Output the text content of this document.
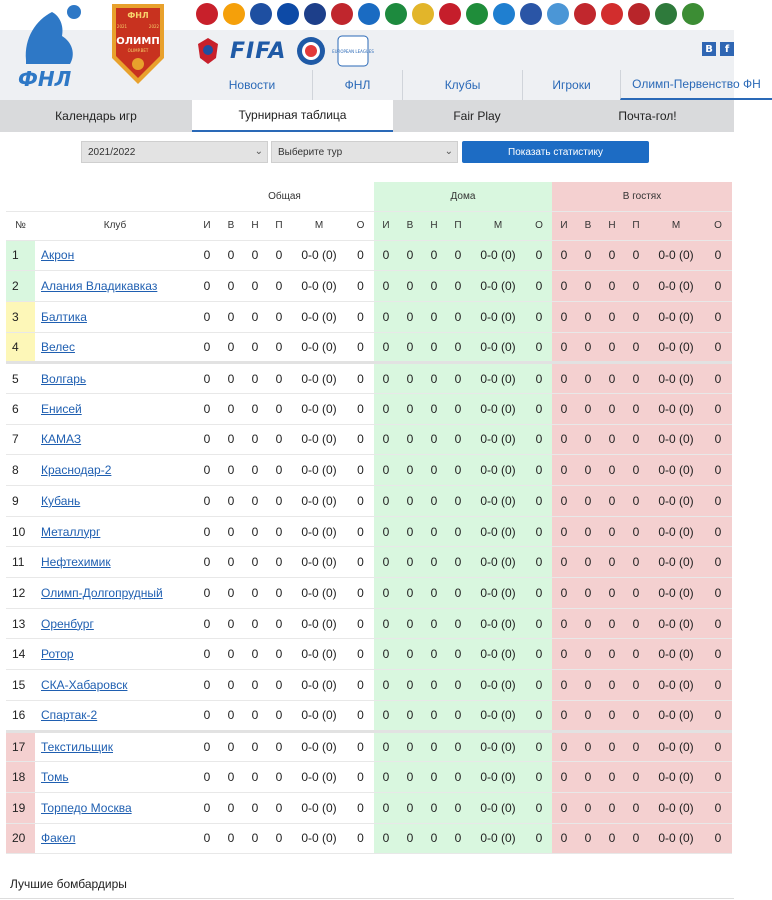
ФНЛ
ФНЛ
2021	2022
ОЛИМП
OLIMP.BET	FIFA	EUROPEAN LEAGUES	В	f
Новости	ФНЛ	Клубы	Игроки	Олимп-Первенство ФН
Календарь игр	Турнирная таблица	Fair Play	Почта-гол!
2021/2022	⌄ Выберите тур	⌄	Показать статистику
		Общая						Дома						В гостях					
№	Клуб	И	В	Н	П	М	О	И	В	Н	П	М	О	И	В	Н	П	М	О
1	Акрон	0	0	0	0	0-0 (0)	0	0	0	0	0	0-0 (0)	0	0	0	0	0	0-0 (0)	0
2	Алания Владикавказ	0	0	0	0	0-0 (0)	0	0	0	0	0	0-0 (0)	0	0	0	0	0	0-0 (0)	0
3	Балтика	0	0	0	0	0-0 (0)	0	0	0	0	0	0-0 (0)	0	0	0	0	0	0-0 (0)	0
4	Велес	0	0	0	0	0-0 (0)	0	0	0	0	0	0-0 (0)	0	0	0	0	0	0-0 (0)	0
5	Волгарь	0	0	0	0	0-0 (0)	0	0	0	0	0	0-0 (0)	0	0	0	0	0	0-0 (0)	0
6	Енисей	0	0	0	0	0-0 (0)	0	0	0	0	0	0-0 (0)	0	0	0	0	0	0-0 (0)	0
7	КАМАЗ	0	0	0	0	0-0 (0)	0	0	0	0	0	0-0 (0)	0	0	0	0	0	0-0 (0)	0
8	Краснодар-2	0	0	0	0	0-0 (0)	0	0	0	0	0	0-0 (0)	0	0	0	0	0	0-0 (0)	0
9	Кубань	0	0	0	0	0-0 (0)	0	0	0	0	0	0-0 (0)	0	0	0	0	0	0-0 (0)	0
10	Металлург	0	0	0	0	0-0 (0)	0	0	0	0	0	0-0 (0)	0	0	0	0	0	0-0 (0)	0
11	Нефтехимик	0	0	0	0	0-0 (0)	0	0	0	0	0	0-0 (0)	0	0	0	0	0	0-0 (0)	0
12	Олимп-Долгопрудный	0	0	0	0	0-0 (0)	0	0	0	0	0	0-0 (0)	0	0	0	0	0	0-0 (0)	0
13	Оренбург	0	0	0	0	0-0 (0)	0	0	0	0	0	0-0 (0)	0	0	0	0	0	0-0 (0)	0
14	Ротор	0	0	0	0	0-0 (0)	0	0	0	0	0	0-0 (0)	0	0	0	0	0	0-0 (0)	0
15	СКА-Хабаровск	0	0	0	0	0-0 (0)	0	0	0	0	0	0-0 (0)	0	0	0	0	0	0-0 (0)	0
16	Спартак-2	0	0	0	0	0-0 (0)	0	0	0	0	0	0-0 (0)	0	0	0	0	0	0-0 (0)	0
17	Текстильщик	0	0	0	0	0-0 (0)	0	0	0	0	0	0-0 (0)	0	0	0	0	0	0-0 (0)	0
18	Томь	0	0	0	0	0-0 (0)	0	0	0	0	0	0-0 (0)	0	0	0	0	0	0-0 (0)	0
19	Торпедо Москва	0	0	0	0	0-0 (0)	0	0	0	0	0	0-0 (0)	0	0	0	0	0	0-0 (0)	0
20	Факел	0	0	0	0	0-0 (0)	0	0	0	0	0	0-0 (0)	0	0	0	0	0	0-0 (0)	0
Лучшие бомбардиры
